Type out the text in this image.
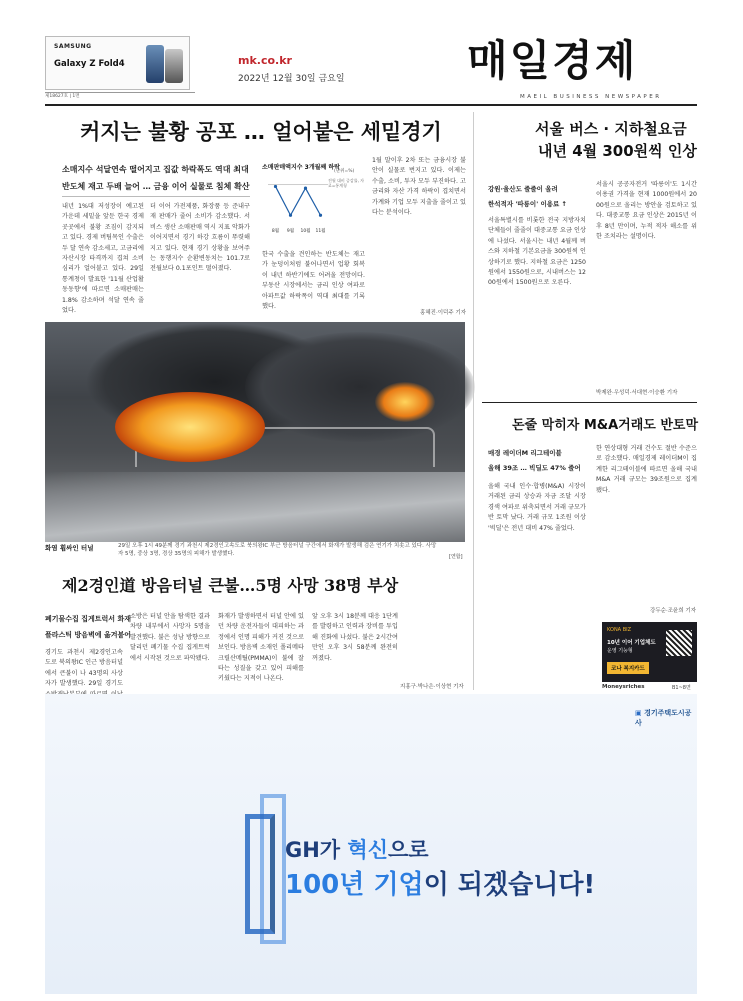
SAMSUNG
Galaxy Z Fold4
제18627호 | 1면
mk.co.kr
2022년 12월 30일 금요일	매일경제
MAEIL BUSINESS NEWSPAPER
커지는 불황 공포 … 얼어붙은 세밑경기
소매지수 석달연속 떨어지고 집값 하락폭도 역대 최대
반도체 재고 두배 늘어 … 금융 이어 실물로 침체 확산
내년 1%대 저성장이 예고된 가운데 세밑을 앞둔 한국 경제 곳곳에서 불황 조짐이 감지되고 있다. 경제 버팀목인 수출은 두 달 연속 감소세고, 고금리에 자산시장 타격까지 겹쳐 소비 심리가 얼어붙고 있다. 29일 통계청이 발표한 '11월 산업활동동향'에 따르면 소매판매는 1.8% 감소하며 석달 연속 줄었다.
더 이어 가전제품, 화장품 등 준내구재 판매가 줄어 소비가 감소했다. 서비스 생산 소매판매 역시 지표 악화가 이어지면서 경기 하강 흐름이 뚜렷해지고 있다. 현재 경기 상황을 보여주는 동행지수 순환변동치는 101.7로 전월보다 0.1포인트 떨어졌다.
소매판매액지수 3개월째 하락
(단위=%)
전월 대비 증감률, 자료=통계청
8월 9월 10월 11월
한국 수출을 견인하는 반도체는 재고가 눈덩이처럼 불어나면서 업황 회복이 내년 하반기에도 어려울 전망이다. 부동산 시장에서는 금리 인상 여파로 아파트값 하락폭이 역대 최대를 기록했다.
1월 말이후 2차 또는 금융시장 불안이 실물로 번지고 있다. 이제는 수출, 소비, 투자 모두 부진하다. 고금리와 자산 가격 하락이 겹치면서 가계와 기업 모두 지출을 줄이고 있다는 분석이다.
홍혜진·이덕주 기자
화염 휩싸인 터널	29일 오후 1시 49분께 경기 과천시 제2경인고속도로 북의왕IC 부근 방음터널 구간에서 화재가 발생해 검은 연기가 치솟고 있다. 사망자 5명, 중상 3명, 경상 35명의 피해가 발생했다.	[연합]
제2경인道 방음터널 큰불…5명 사망 38명 부상
폐기물수집 집게트럭서 화재
플라스틱 방음벽에 옮겨붙어
경기도 과천시 제2경인고속도로 북의왕IC 인근 방음터널에서 큰불이 나 43명의 사상자가 발생했다. 29일 경기도
소방은 터널 안을 탐색한 결과 차량 내부에서 사망자 5명을 발견했다. 불은 성남 방향으로 달리던 폐기물 수집 집게트럭에서 시작된 것으로 파악됐다.
화재가 발생하면서 터널 안에 있던 차량 운전자들이 대피하는 과정에서 인명 피해가 커진 것으로 보인다. 방음벽 소재인 폴리메타크릴산메틸(PMMA)이 불에 잘 타는 성질을 갖고 있어 피해를 키웠다는 지적이 나온다.
앞 오후 3시 18분께 대응 1단계를 발령하고 인력과 장비를 투입해 진화에 나섰다. 불은 2시간여 만인 오후 3시 58분께 완전히 꺼졌다.
지홍구·박나은·이상현 기자
서울 버스 · 지하철요금
내년 4월 300원씩 인상
강원·울산도 줄줄이 올려
한석적자 '따릉이' 이용료 ↑
서울특별시를 비롯한 전국 지방자치단체들이 줄줄이 대중교통 요금 인상에 나섰다. 서울시는 내년 4월께 버스와 지하철 기본요금을 300원씩 인상하기로 했다. 지하철 요금은 1250원에서 1550원으로, 시내버스는 1200원에서 1500원으로 오른다.
서울시 공공자전거 '따릉이'도 1시간 이용권 가격을 현재 1000원에서 2000원으로 올리는 방안을 검토하고 있다. 대중교통 요금 인상은 2015년 이후 8년 만이며, 누적 적자 해소를 위한 조치라는 설명이다.
박제완·우성덕·서대현·이승환 기자
돈줄 막히자 M&A거래도 반토막
매경 레이더M 리그테이블
올해 39조 … 빅딜도 47% 줄어
올해 국내 인수·합병(M&A) 시장이 거래된 금리 상승과 자금 조달 시장 경색 여파로 위축되면서 거래 규모가 반 토막 났다. 거래 규모 1조원 이상 '빅딜'은 전년 대비 47% 줄었다.
한 연상대형 거래 건수도 절반 수준으로 감소했다. 매일경제 레이더M이 집계한 리그테이블에 따르면 올해 국내 M&A 거래 규모는 39조원으로 집계됐다.
강두순·조윤희 기자
KONA BIZ
10년 이어 기업체도
운영 기능형
코나 복지카드
Moneysriches	B1~8면
▣ 경기주택도시공사
GH가 혁신으로
100년 기업이 되겠습니다!
